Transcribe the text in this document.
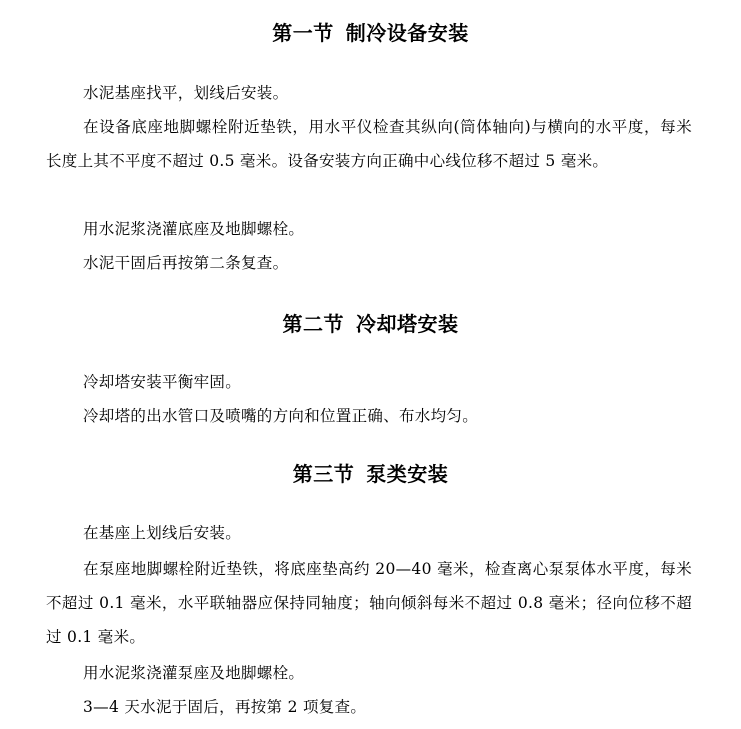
第一节 制冷设备安装

水泥基座找平，划线后安装。

在设备底座地脚螺栓附近垫铁，用水平仪检查其纵向(筒体轴向)与横向的水平度，每米长度上其不平度不超过 0.5 毫米。设备安装方向正确中心线位移不超过 5 毫米。

用水泥浆浇灌底座及地脚螺栓。

水泥干固后再按第二条复查。

第二节 冷却塔安装

冷却塔安装平衡牢固。

冷却塔的出水管口及喷嘴的方向和位置正确、布水均匀。

第三节 泵类安装

在基座上划线后安装。

在泵座地脚螺栓附近垫铁，将底座垫高约 20—40 毫米，检查离心泵泵体水平度，每米不超过 0.1 毫米，水平联轴器应保持同轴度；轴向倾斜每米不超过 0.8 毫米；径向位移不超过 0.1 毫米。

用水泥浆浇灌泵座及地脚螺栓。

3—4 天水泥于固后，再按第 2 项复查。
